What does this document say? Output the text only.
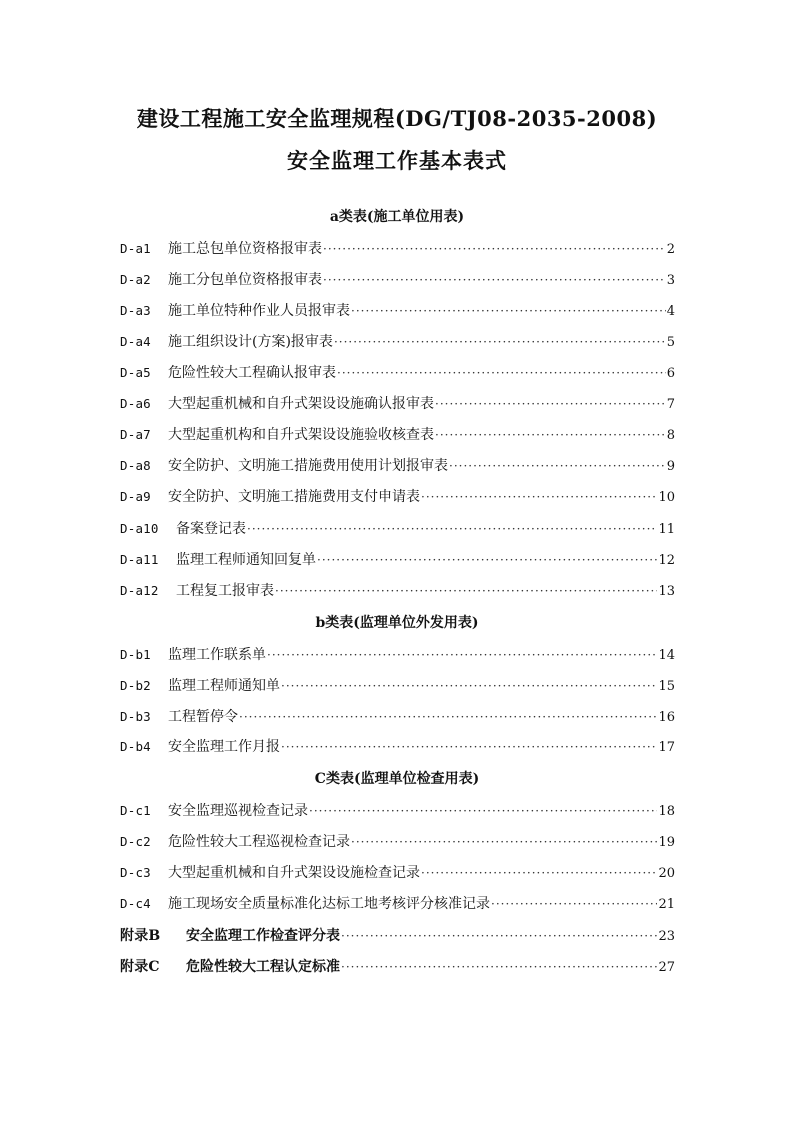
建设工程施工安全监理规程(DG/TJ08-2035-2008)
安全监理工作基本表式
a类表(施工单位用表)
D-a1	施工总包单位资格报审表 ·····	2
D-a2	施工分包单位资格报审表 ·····	3
D-a3	施工单位特种作业人员报审表 ·····	4
D-a4	施工组织设计(方案)报审表 ·····	5
D-a5	危险性较大工程确认报审表 ·····	6
D-a6	大型起重机械和自升式架设设施确认报审表 ·····	7
D-a7	大型起重机构和自升式架设设施验收核查表 ·····	8
D-a8	安全防护、文明施工措施费用使用计划报审表 ·····	9
D-a9	安全防护、文明施工措施费用支付申请表 ·····	10
D-a10	备案登记表 ·····	11
D-a11	监理工程师通知回复单 ·····	12
D-a12	工程复工报审表 ·····	13
b类表(监理单位外发用表)
D-b1	监理工作联系单 ·····	14
D-b2	监理工程师通知单 ·····	15
D-b3	工程暂停令 ·····	16
D-b4	安全监理工作月报 ·····	17
C类表(监理单位检查用表)
D-c1	安全监理巡视检查记录 ·····	18
D-c2	危险性较大工程巡视检查记录 ·····	19
D-c3	大型起重机械和自升式架设设施检查记录 ·····	20
D-c4	施工现场安全质量标准化达标工地考核评分核准记录 ·····	21
附录B	安全监理工作检查评分表 ·····	23
附录C	危险性较大工程认定标准 ·····	27
